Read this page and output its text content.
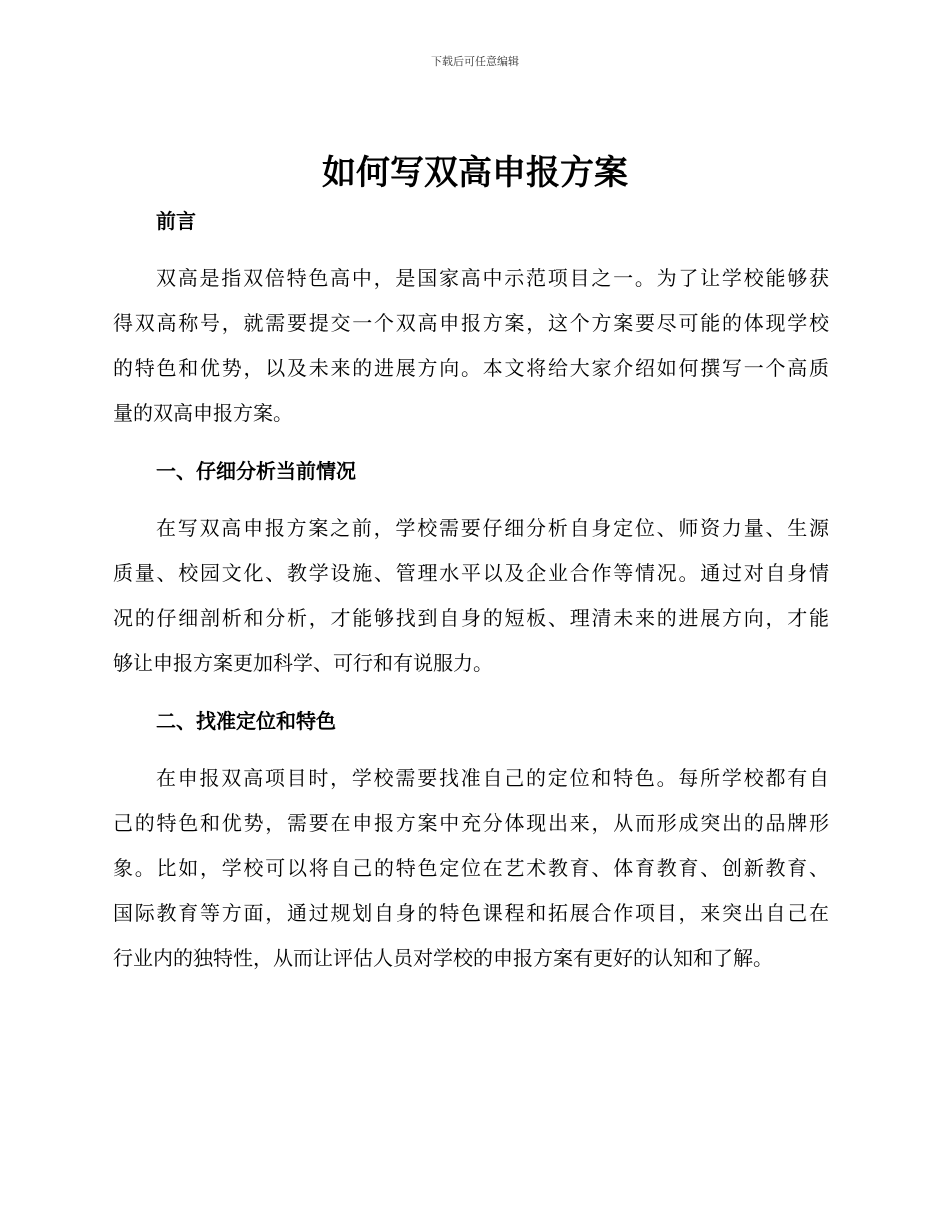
下载后可任意编辑
如何写双高申报方案
前言
双高是指双倍特色高中，是国家高中示范项目之一。为了让学校能够获
得双高称号，就需要提交一个双高申报方案，这个方案要尽可能的体现学校
的特色和优势，以及未来的进展方向。本文将给大家介绍如何撰写一个高质
量的双高申报方案。
一、仔细分析当前情况
在写双高申报方案之前，学校需要仔细分析自身定位、师资力量、生源
质量、校园文化、教学设施、管理水平以及企业合作等情况。通过对自身情
况的仔细剖析和分析，才能够找到自身的短板、理清未来的进展方向，才能
够让申报方案更加科学、可行和有说服力。
二、找准定位和特色
在申报双高项目时，学校需要找准自己的定位和特色。每所学校都有自
己的特色和优势，需要在申报方案中充分体现出来，从而形成突出的品牌形
象。比如，学校可以将自己的特色定位在艺术教育、体育教育、创新教育、
国际教育等方面，通过规划自身的特色课程和拓展合作项目，来突出自己在
行业内的独特性，从而让评估人员对学校的申报方案有更好的认知和了解。
